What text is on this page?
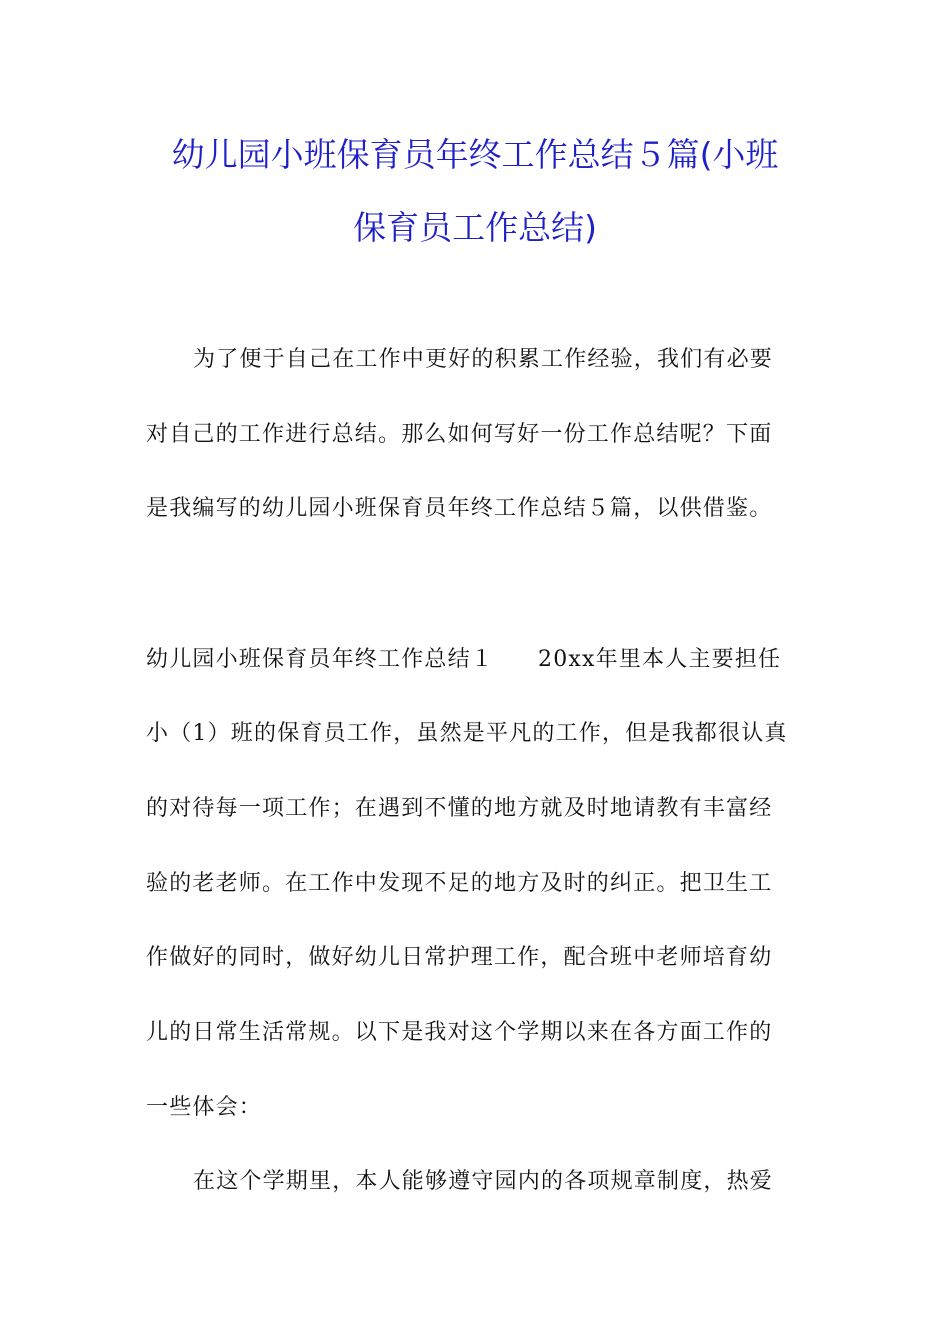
幼儿园小班保育员年终工作总结５篇(小班
保育员工作总结)
为了便于自己在工作中更好的积累工作经验，我们有必要
对自己的工作进行总结。那么如何写好一份工作总结呢？下面
是我编写的幼儿园小班保育员年终工作总结５篇，以供借鉴。
幼儿园小班保育员年终工作总结１ 20xx年里本人主要担任
小（1）班的保育员工作，虽然是平凡的工作，但是我都很认真
的对待每一项工作；在遇到不懂的地方就及时地请教有丰富经
验的老老师。在工作中发现不足的地方及时的纠正。把卫生工
作做好的同时，做好幼儿日常护理工作，配合班中老师培育幼
儿的日常生活常规。以下是我对这个学期以来在各方面工作的
一些体会：
在这个学期里，本人能够遵守园内的各项规章制度，热爱
